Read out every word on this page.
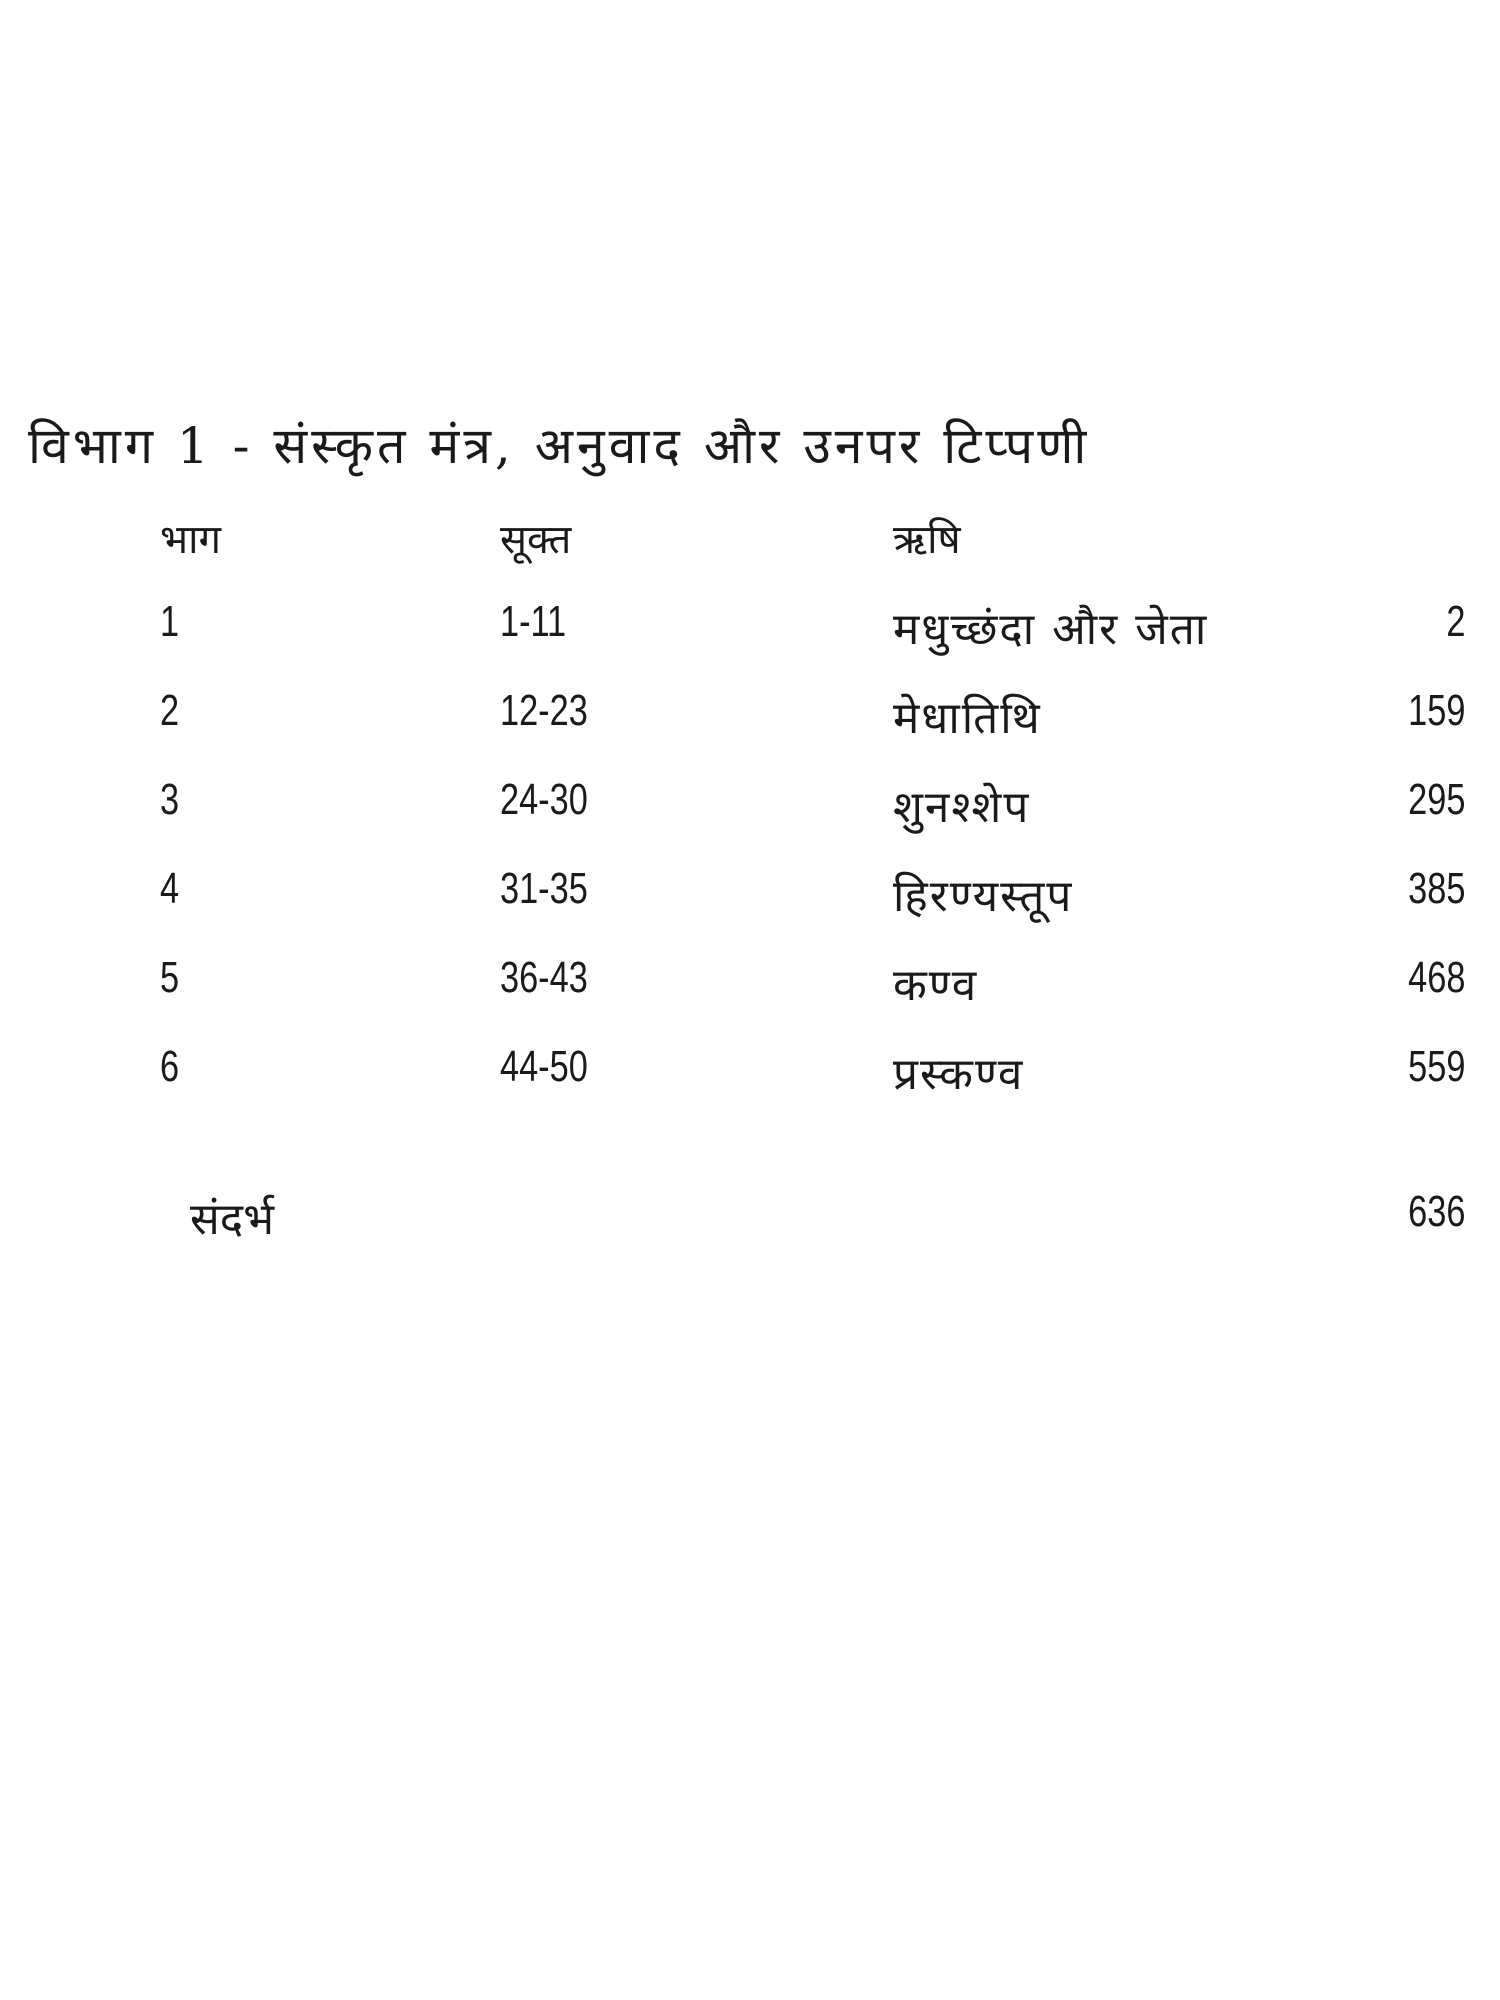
विभाग 1 - संस्कृत मंत्र, अनुवाद और उनपर टिप्पणी
भाग	सूक्त	ऋषि
1	1-11	मधुच्छंदा और जेता	2
2	12-23	मेधातिथि	159
3	24-30	शुनश्शेप	295
4	31-35	हिरण्यस्तूप	385
5	36-43	कण्व	468
6	44-50	प्रस्कण्व	559
संदर्भ	636
